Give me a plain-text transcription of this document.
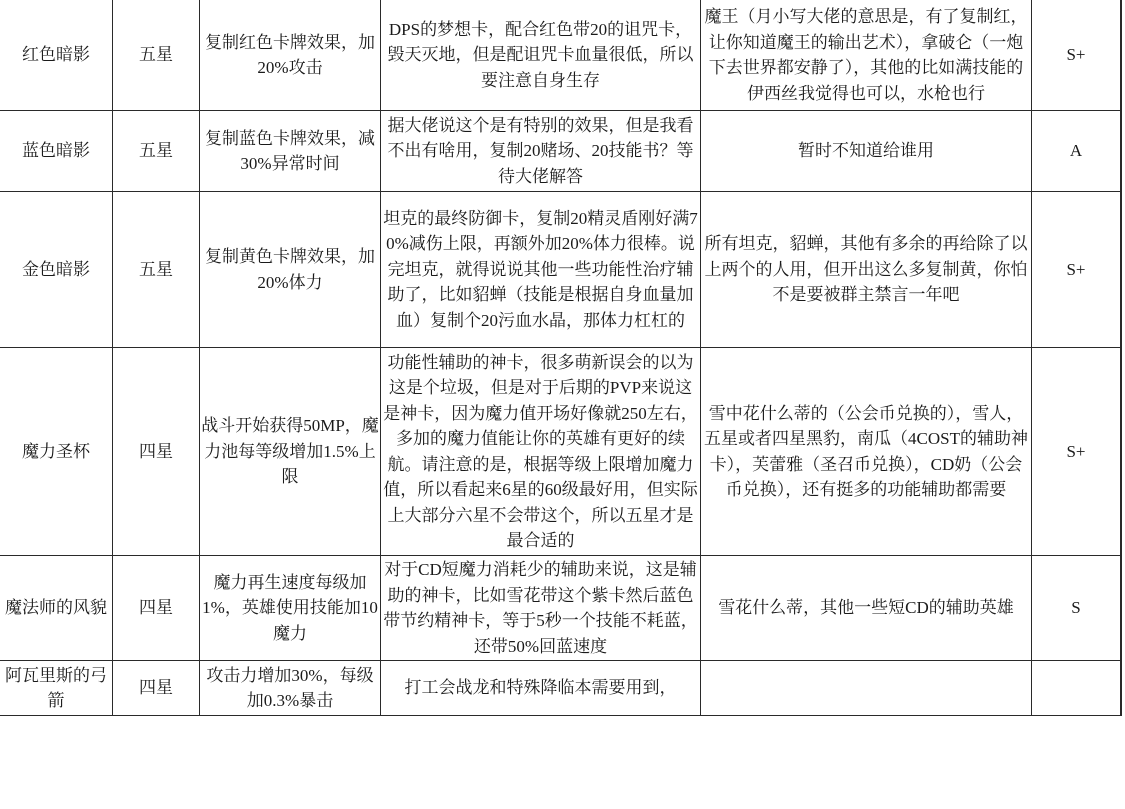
红色暗影	五星	复制红色卡牌效果，加20%攻击	DPS的梦想卡，配合红色带20的诅咒卡，毁天灭地，但是配诅咒卡血量很低，所以要注意自身生存	魔王（月小写大佬的意思是，有了复制红，让你知道魔王的输出艺术），拿破仑（一炮下去世界都安静了），其他的比如满技能的伊西丝我觉得也可以，水枪也行	S+	
蓝色暗影	五星	复制蓝色卡牌效果，减30%异常时间	据大佬说这个是有特别的效果，但是我看不出有啥用，复制20赌场、20技能书？等待大佬解答	暂时不知道给谁用	A	
金色暗影	五星	复制黄色卡牌效果，加20%体力	坦克的最终防御卡，复制20精灵盾刚好满70%减伤上限，再额外加20%体力很棒。说完坦克，就得说说其他一些功能性治疗辅助了，比如貂蝉（技能是根据自身血量加血）复制个20污血水晶，那体力杠杠的	所有坦克，貂蝉，其他有多余的再给除了以上两个的人用，但开出这么多复制黄，你怕不是要被群主禁言一年吧	S+	
魔力圣杯	四星	战斗开始获得50MP，魔力池每等级增加1.5%上限	功能性辅助的神卡，很多萌新误会的以为这是个垃圾，但是对于后期的PVP来说这是神卡，因为魔力值开场好像就250左右，多加的魔力值能让你的英雄有更好的续航。请注意的是，根据等级上限增加魔力值，所以看起来6星的60级最好用，但实际上大部分六星不会带这个，所以五星才是最合适的	雪中花什么蒂的（公会币兑换的），雪人，五星或者四星黑豹，南瓜（4COST的辅助神卡），芙蕾雅（圣召币兑换），CD奶（公会币兑换），还有挺多的功能辅助都需要	S+	
魔法师的风貌	四星	魔力再生速度每级加1%，英雄使用技能加10魔力	对于CD短魔力消耗少的辅助来说，这是辅助的神卡，比如雪花带这个紫卡然后蓝色带节约精神卡，等于5秒一个技能不耗蓝，还带50%回蓝速度	雪花什么蒂，其他一些短CD的辅助英雄	S	
阿瓦里斯的弓箭	四星	攻击力增加30%，每级加0.3%暴击	打工会战龙和特殊降临本需要用到，			
